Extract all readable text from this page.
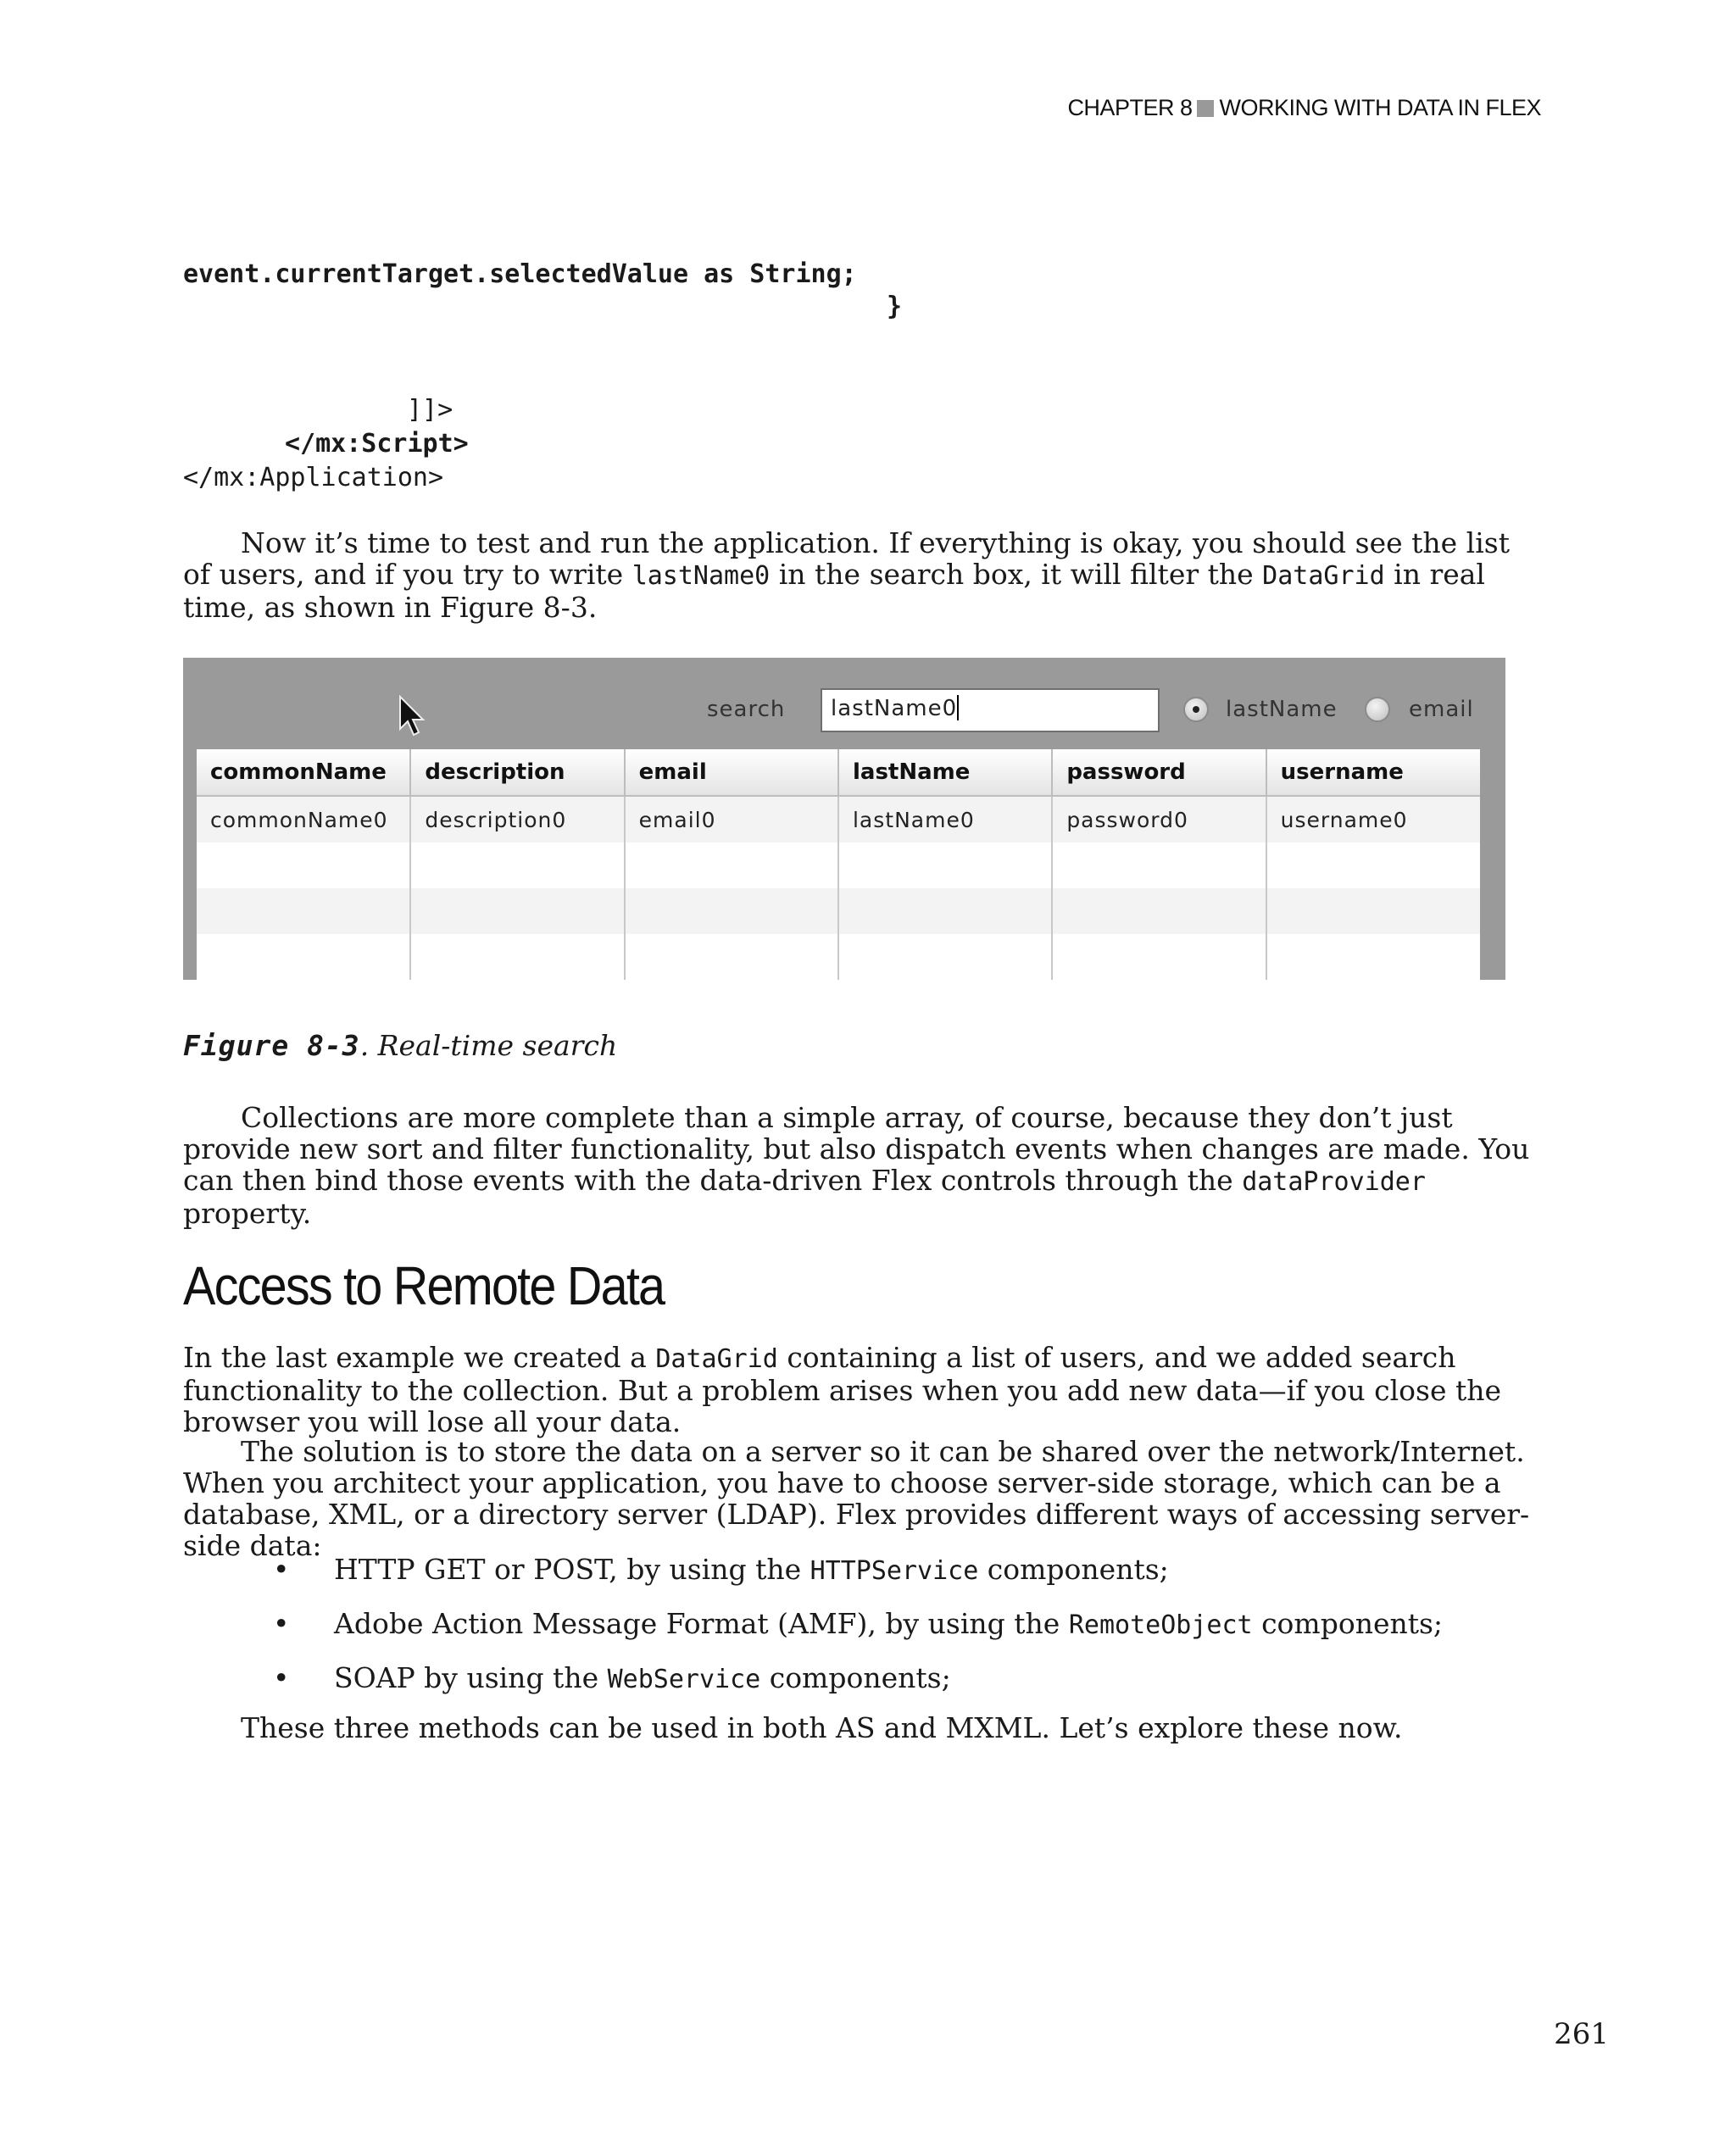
CHAPTER 8 WORKING WITH DATA IN FLEX
event.currentTarget.selectedValue as String;
}
]]>
</mx:Script>
</mx:Application>
Now it’s time to test and run the application. If everything is okay, you should see the list of users, and if you try to write lastName0 in the search box, it will filter the DataGrid in real time, as shown in Figure 8-3.
search	lastName0	lastName	email
commonName	description	email	lastName	password	username
commonName0	description0	email0	lastName0	password0	username0

Figure 8-3. Real-time search
Collections are more complete than a simple array, of course, because they don’t just provide new sort and filter functionality, but also dispatch events when changes are made. You can then bind those events with the data-driven Flex controls through the dataProvider property.
Access to Remote Data
In the last example we created a DataGrid containing a list of users, and we added search functionality to the collection. But a problem arises when you add new data—if you close the browser you will lose all your data.
The solution is to store the data on a server so it can be shared over the network/Internet. When you architect your application, you have to choose server-side storage, which can be a database, XML, or a directory server (LDAP). Flex provides different ways of accessing server-side data:
• HTTP GET or POST, by using the HTTPService components;
• Adobe Action Message Format (AMF), by using the RemoteObject components;
• SOAP by using the WebService components;
These three methods can be used in both AS and MXML. Let’s explore these now.
261
